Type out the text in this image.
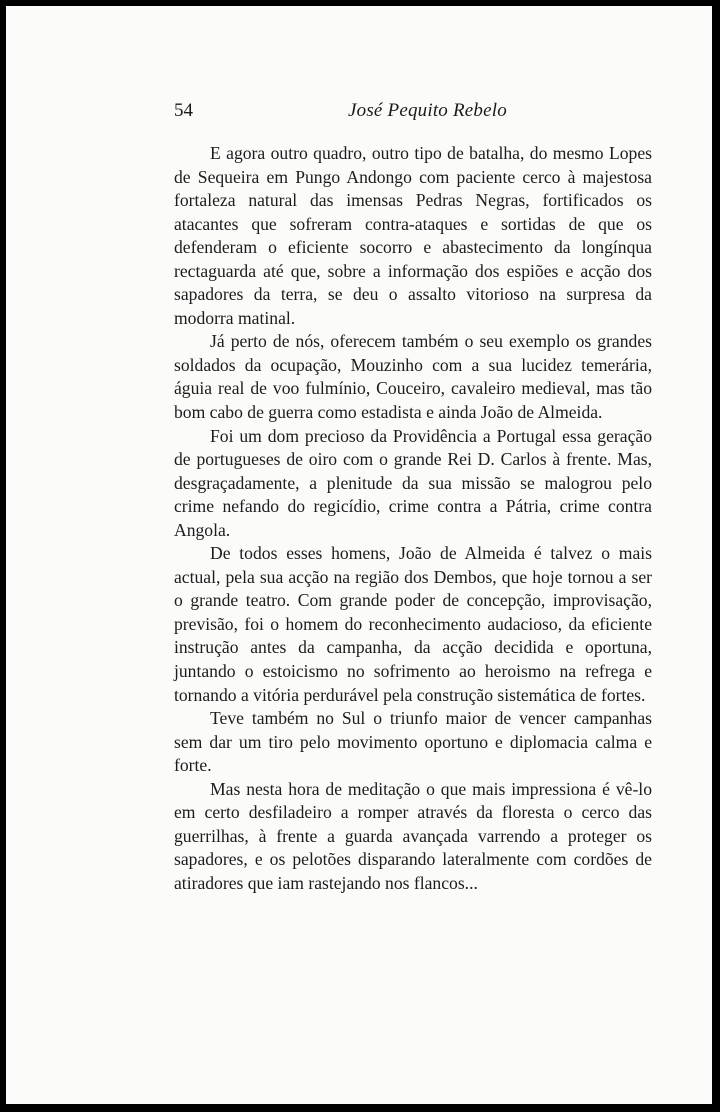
54	José Pequito Rebelo

E agora outro quadro, outro tipo de batalha, do mesmo Lopes de Sequeira em Pungo Andongo com paciente cerco à majestosa fortaleza natural das imensas Pedras Negras, fortificados os atacantes que sofreram contra-ataques e sortidas de que os defenderam o eficiente socorro e abastecimento da longínqua rectaguarda até que, sobre a informação dos espiões e acção dos sapadores da terra, se deu o assalto vitorioso na surpresa da modorra matinal.

Já perto de nós, oferecem também o seu exemplo os grandes soldados da ocupação, Mouzinho com a sua lucidez temerária, águia real de voo fulmínio, Couceiro, cavaleiro medieval, mas tão bom cabo de guerra como estadista e ainda João de Almeida.

Foi um dom precioso da Providência a Portugal essa geração de portugueses de oiro com o grande Rei D. Carlos à frente. Mas, desgraçadamente, a plenitude da sua missão se malogrou pelo crime nefando do regicídio, crime contra a Pátria, crime contra Angola.

De todos esses homens, João de Almeida é talvez o mais actual, pela sua acção na região dos Dembos, que hoje tornou a ser o grande teatro. Com grande poder de concepção, improvisação, previsão, foi o homem do reconhecimento audacioso, da eficiente instrução antes da campanha, da acção decidida e oportuna, juntando o estoicismo no sofrimento ao heroismo na refrega e tornando a vitória perdurável pela construção sistemática de fortes.

Teve também no Sul o triunfo maior de vencer campanhas sem dar um tiro pelo movimento oportuno e diplomacia calma e forte.

Mas nesta hora de meditação o que mais impressiona é vê-lo em certo desfiladeiro a romper através da floresta o cerco das guerrilhas, à frente a guarda avançada varrendo a proteger os sapadores, e os pelotões disparando lateralmente com cordões de atiradores que iam rastejando nos flancos...
